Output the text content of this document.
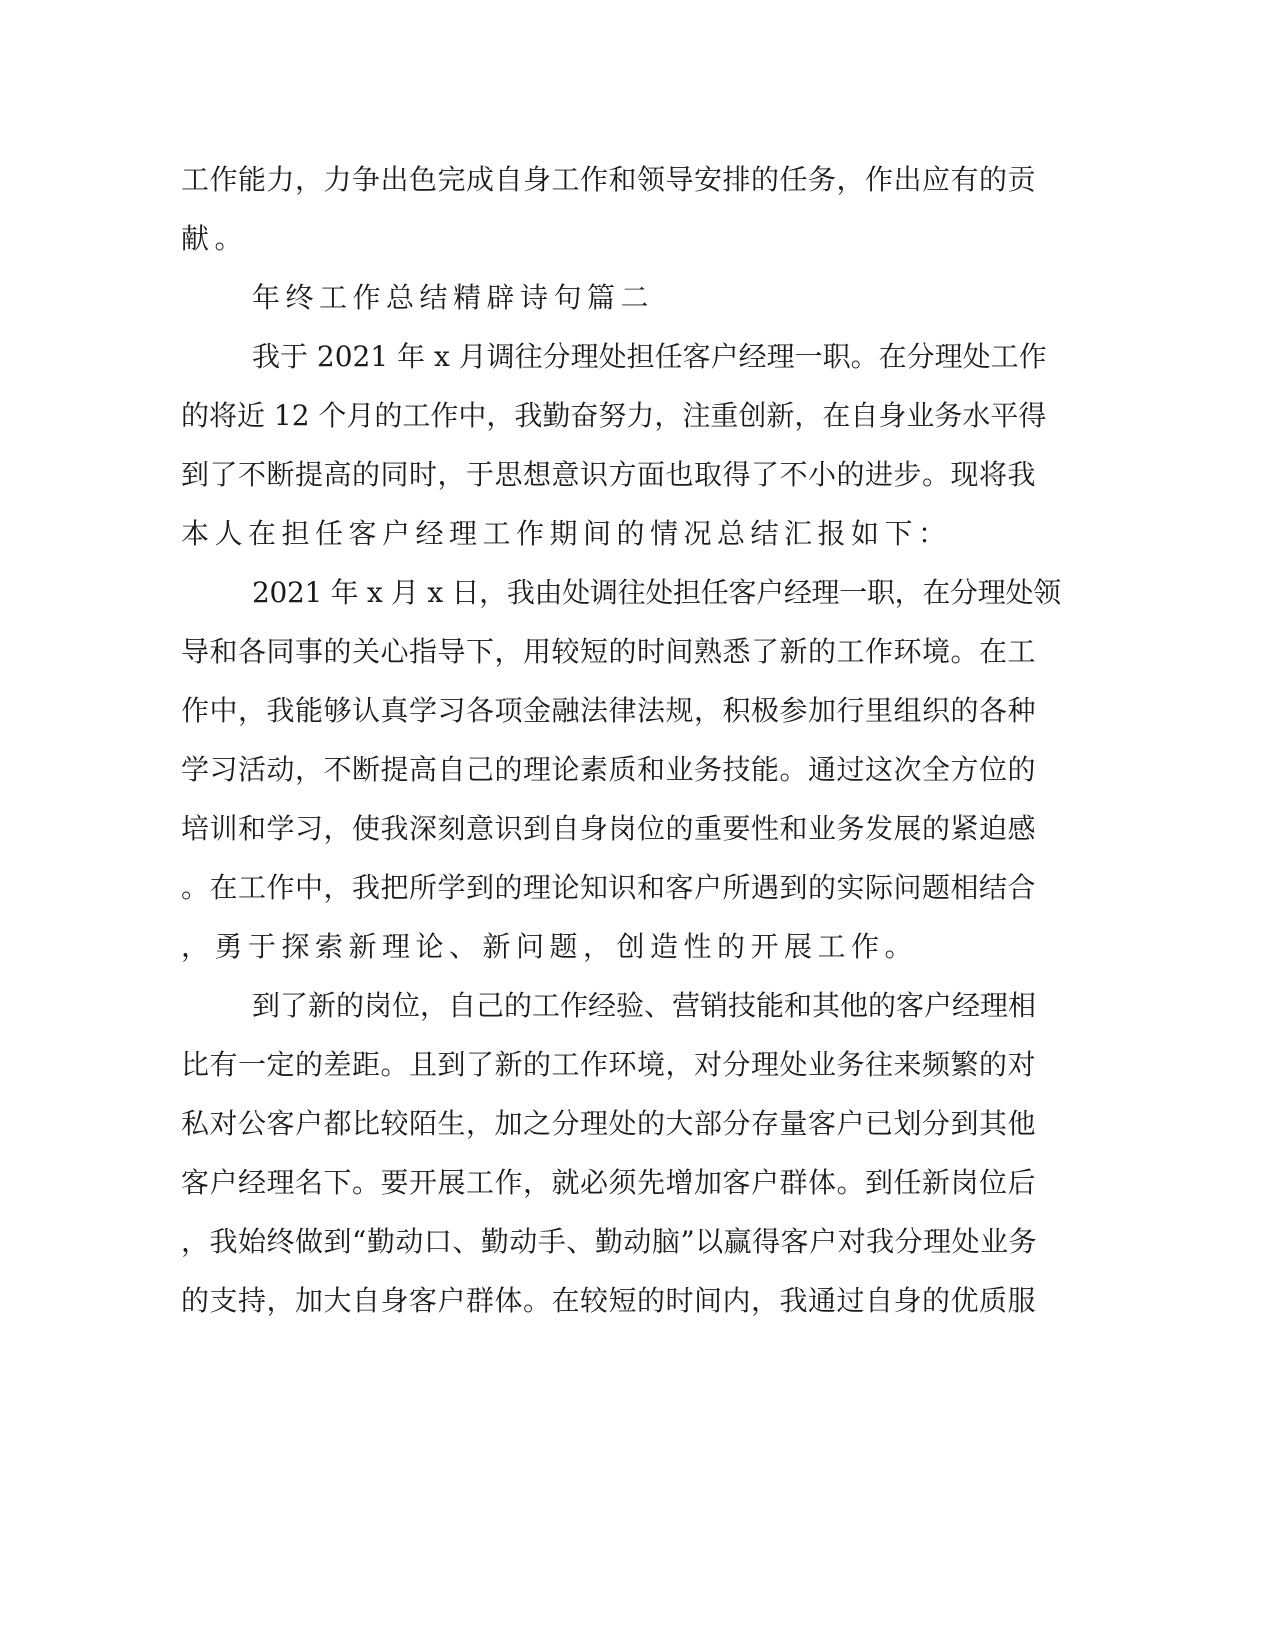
工作能力，力争出色完成自身工作和领导安排的任务，作出应有的贡
献。
年终工作总结精辟诗句篇二
我于 2021 年 x 月调往分理处担任客户经理一职。在分理处工作
的将近 12 个月的工作中，我勤奋努力，注重创新，在自身业务水平得
到了不断提高的同时，于思想意识方面也取得了不小的进步。现将我
本人在担任客户经理工作期间的情况总结汇报如下：
2021 年 x 月 x 日，我由处调往处担任客户经理一职，在分理处领
导和各同事的关心指导下，用较短的时间熟悉了新的工作环境。在工
作中，我能够认真学习各项金融法律法规，积极参加行里组织的各种
学习活动，不断提高自己的理论素质和业务技能。通过这次全方位的
培训和学习，使我深刻意识到自身岗位的重要性和业务发展的紧迫感
。在工作中，我把所学到的理论知识和客户所遇到的实际问题相结合
，勇于探索新理论、新问题，创造性的开展工作。
到了新的岗位，自己的工作经验、营销技能和其他的客户经理相
比有一定的差距。且到了新的工作环境，对分理处业务往来频繁的对
私对公客户都比较陌生，加之分理处的大部分存量客户已划分到其他
客户经理名下。要开展工作，就必须先增加客户群体。到任新岗位后
，我始终做到“勤动口、勤动手、勤动脑”以赢得客户对我分理处业务
的支持，加大自身客户群体。在较短的时间内，我通过自身的优质服
